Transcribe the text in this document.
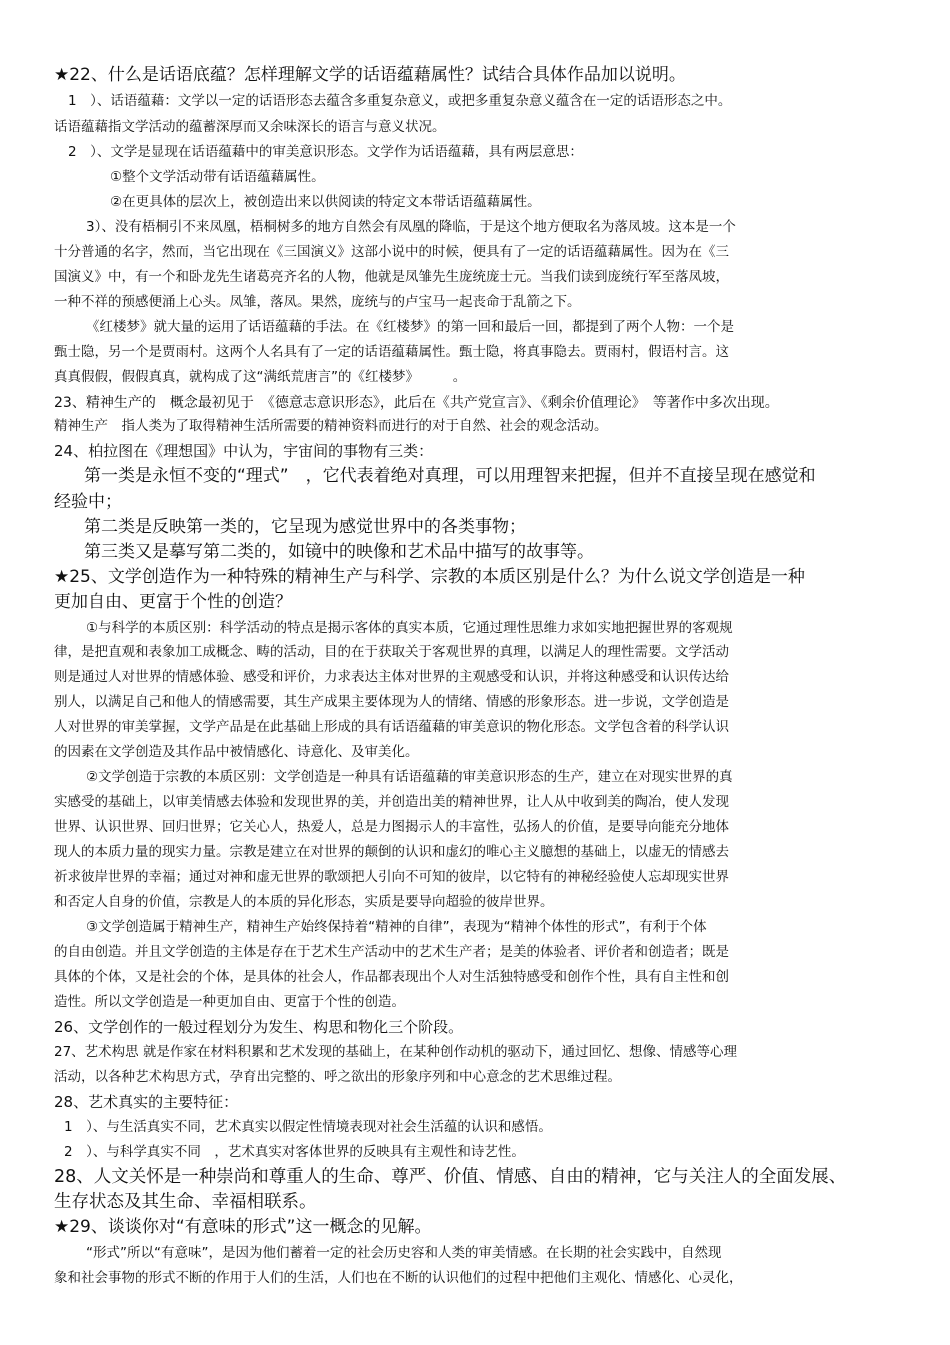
★22、什么是话语底蕴？怎样理解文学的话语蕴藉属性？试结合具体作品加以说明。
1　）、话语蕴藉：文学以一定的话语形态去蕴含多重复杂意义，或把多重复杂意义蕴含在一定的话语形态之中。
话语蕴藉指文学活动的蕴蓄深厚而又余味深长的语言与意义状况。
2　）、文学是显现在话语蕴藉中的审美意识形态。文学作为话语蕴藉，具有两层意思：
①整个文学活动带有话语蕴藉属性。
②在更具体的层次上，被创造出来以供阅读的特定文本带话语蕴藉属性。
3）、没有梧桐引不来凤凰，梧桐树多的地方自然会有凤凰的降临，于是这个地方便取名为落凤坡。这本是一个
十分普通的名字，然而，当它出现在《三国演义》这部小说中的时候，便具有了一定的话语蕴藉属性。因为在《三
国演义》中，有一个和卧龙先生诸葛亮齐名的人物，他就是凤雏先生庞统庞士元。当我们读到庞统行军至落凤坡，
一种不祥的预感便涌上心头。凤雏，落凤。果然，庞统与的卢宝马一起丧命于乱箭之下。
《红楼梦》就大量的运用了话语蕴藉的手法。在《红楼梦》的第一回和最后一回，都提到了两个人物：一个是
甄士隐，另一个是贾雨村。这两个人名具有了一定的话语蕴藉属性。甄士隐，将真事隐去。贾雨村，假语村言。这
真真假假，假假真真，就构成了这“满纸荒唐言”的《红楼梦》　　　。
23、精神生产的　概念最初见于　《德意志意识形态》，此后在《共产党宣言》、《剩余价值理论》　等著作中多次出现。
精神生产　指人类为了取得精神生活所需要的精神资料而进行的对于自然、社会的观念活动。
24、柏拉图在《理想国》中认为，宇宙间的事物有三类：
第一类是永恒不变的“理式”　，它代表着绝对真理，可以用理智来把握，但并不直接呈现在感觉和
经验中；
第二类是反映第一类的，它呈现为感觉世界中的各类事物；
第三类又是摹写第二类的，如镜中的映像和艺术品中描写的故事等。
★25、文学创造作为一种特殊的精神生产与科学、宗教的本质区别是什么？为什么说文学创造是一种
更加自由、更富于个性的创造？
①与科学的本质区别：科学活动的特点是揭示客体的真实本质，它通过理性思维力求如实地把握世界的客观规
律，是把直观和表象加工成概念、畴的活动，目的在于获取关于客观世界的真理，以满足人的理性需要。文学活动
则是通过人对世界的情感体验、感受和评价，力求表达主体对世界的主观感受和认识，并将这种感受和认识传达给
别人，以满足自己和他人的情感需要，其生产成果主要体现为人的情绪、情感的形象形态。进一步说，文学创造是
人对世界的审美掌握，文学产品是在此基础上形成的具有话语蕴藉的审美意识的物化形态。文学包含着的科学认识
的因素在文学创造及其作品中被情感化、诗意化、及审美化。
②文学创造于宗教的本质区别：文学创造是一种具有话语蕴藉的审美意识形态的生产，建立在对现实世界的真
实感受的基础上，以审美情感去体验和发现世界的美，并创造出美的精神世界，让人从中收到美的陶冶，使人发现
世界、认识世界、回归世界；它关心人，热爱人，总是力图揭示人的丰富性，弘扬人的价值，是要导向能充分地体
现人的本质力量的现实力量。宗教是建立在对世界的颠倒的认识和虚幻的唯心主义臆想的基础上，以虚无的情感去
祈求彼岸世界的幸福；通过对神和虚无世界的歌颂把人引向不可知的彼岸，以它特有的神秘经验使人忘却现实世界
和否定人自身的价值，宗教是人的本质的异化形态，实质是要导向超验的彼岸世界。
③文学创造属于精神生产，精神生产始终保持着“精神的自律”，表现为“精神个体性的形式”，有利于个体
的自由创造。并且文学创造的主体是存在于艺术生产活动中的艺术生产者；是美的体验者、评价者和创造者；既是
具体的个体，又是社会的个体，是具体的社会人，作品都表现出个人对生活独特感受和创作个性，具有自主性和创
造性。所以文学创造是一种更加自由、更富于个性的创造。
26、文学创作的一般过程划分为发生、构思和物化三个阶段。
27、艺术构思 就是作家在材料积累和艺术发现的基础上，在某种创作动机的驱动下，通过回忆、想像、情感等心理
活动，以各种艺术构思方式，孕育出完整的、呼之欲出的形象序列和中心意念的艺术思维过程。
28、艺术真实的主要特征：
1　）、与生活真实不同，艺术真实以假定性情境表现对社会生活蕴的认识和感悟。
2　）、与科学真实不同　，艺术真实对客体世界的反映具有主观性和诗艺性。
28、人文关怀是一种崇尚和尊重人的生命、尊严、价值、情感、自由的精神，它与关注人的全面发展、
生存状态及其生命、幸福相联系。
★29、谈谈你对“有意味的形式”这一概念的见解。
“形式”所以“有意味”，是因为他们蓄着一定的社会历史容和人类的审美情感。在长期的社会实践中，自然现
象和社会事物的形式不断的作用于人们的生活，人们也在不断的认识他们的过程中把他们主观化、情感化、心灵化，
